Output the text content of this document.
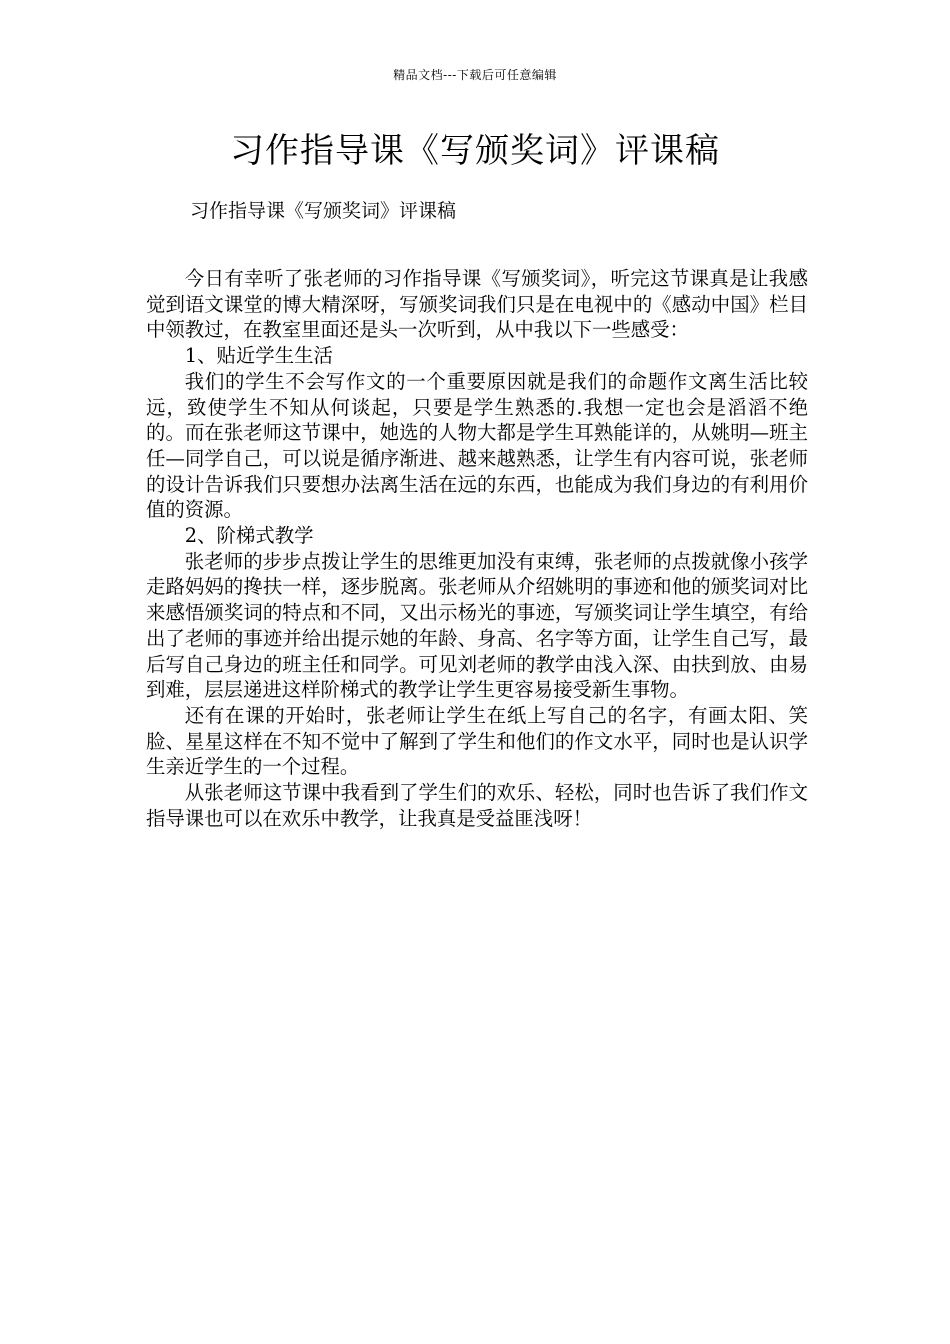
精品文档---下载后可任意编辑
习作指导课《写颁奖词》评课稿
习作指导课《写颁奖词》评课稿

今日有幸听了张老师的习作指导课《写颁奖词》，听完这节课真是让我感觉到语文课堂的博大精深呀，写颁奖词我们只是在电视中的《感动中国》栏目中领教过，在教室里面还是头一次听到，从中我以下一些感受：

1、贴近学生生活

我们的学生不会写作文的一个重要原因就是我们的命题作文离生活比较远，致使学生不知从何谈起，只要是学生熟悉的.我想一定也会是滔滔不绝的。而在张老师这节课中，她选的人物大都是学生耳熟能详的，从姚明—班主任—同学自己，可以说是循序渐进、越来越熟悉，让学生有内容可说，张老师的设计告诉我们只要想办法离生活在远的东西，也能成为我们身边的有利用价值的资源。

2、阶梯式教学

张老师的步步点拨让学生的思维更加没有束缚，张老师的点拨就像小孩学走路妈妈的搀扶一样，逐步脱离。张老师从介绍姚明的事迹和他的颁奖词对比来感悟颁奖词的特点和不同，又出示杨光的事迹，写颁奖词让学生填空，有给出了老师的事迹并给出提示她的年龄、身高、名字等方面，让学生自己写，最后写自己身边的班主任和同学。可见刘老师的教学由浅入深、由扶到放、由易到难，层层递进这样阶梯式的教学让学生更容易接受新生事物。

还有在课的开始时，张老师让学生在纸上写自己的名字，有画太阳、笑脸、星星这样在不知不觉中了解到了学生和他们的作文水平，同时也是认识学生亲近学生的一个过程。

从张老师这节课中我看到了学生们的欢乐、轻松，同时也告诉了我们作文指导课也可以在欢乐中教学，让我真是受益匪浅呀！
